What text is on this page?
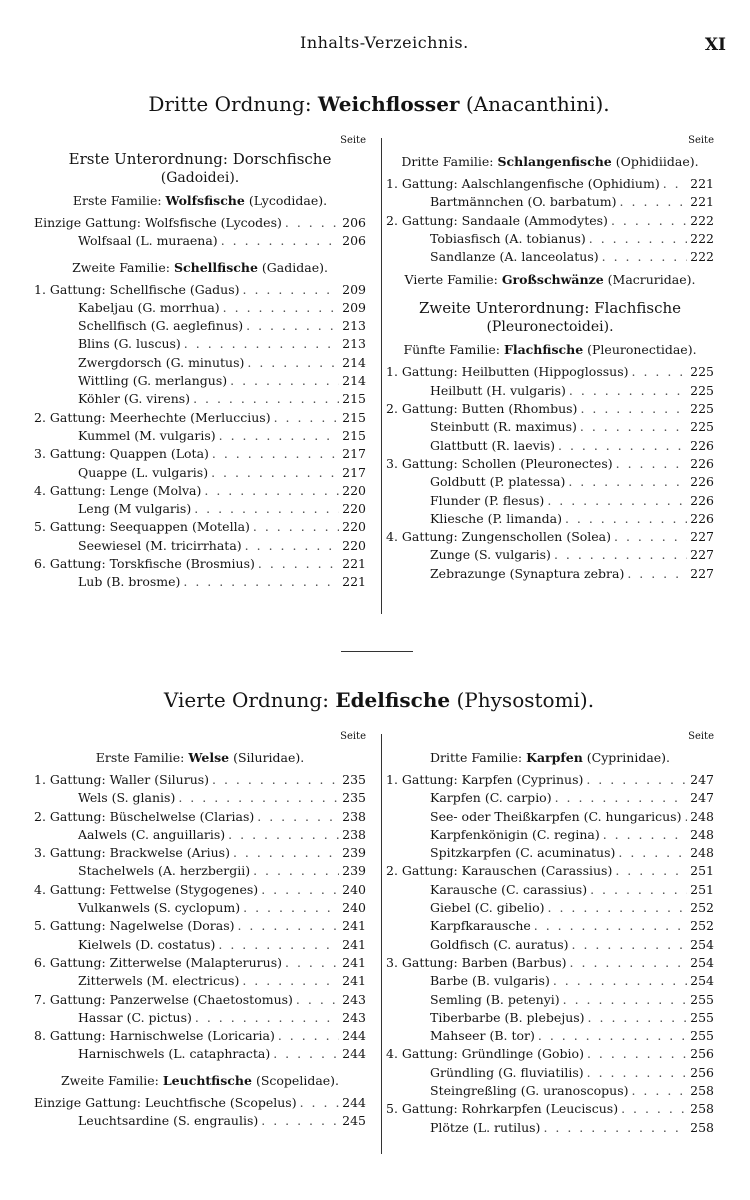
Inhalts-Verzeichnis.	XI
Dritte Ordnung: Weichflosser (Anacanthini).
Seite
Erste Unterordnung: Dorschfische
(Gadoidei).
Erste Familie: Wolfsfische (Lycodidae).
Einzige Gattung: Wolfsfische (Lycodes) . . .	206
Wolfsaal (L. muraena) . . .	206
Zweite Familie: Schellfische (Gadidae).
1. Gattung: Schellfische (Gadus) . . .	209
Kabeljau (G. morrhua) . . .	209
Schellfisch (G. aeglefinus) . . .	213
Blins (G. luscus) . . .	213
Zwergdorsch (G. minutus) . . .	214
Wittling (G. merlangus) . . .	214
Köhler (G. virens) . . .	215
2. Gattung: Meerhechte (Merluccius) . . .	215
Kummel (M. vulgaris) . . .	215
3. Gattung: Quappen (Lota) . . .	217
Quappe (L. vulgaris) . . .	217
4. Gattung: Lenge (Molva) . . .	220
Leng (M vulgaris) . . .	220
5. Gattung: Seequappen (Motella) . . .	220
Seewiesel (M. tricirrhata) . . .	220
6. Gattung: Torskfische (Brosmius) . . .	221
Lub (B. brosme) . . .	221
Seite
Dritte Familie: Schlangenfische (Ophidiidae).
1. Gattung: Aalschlangenfische (Ophidium) . . . 221
Bartmännchen (O. barbatum) . . .	221
2. Gattung: Sandaale (Ammodytes) . . .	222
Tobiasfisch (A. tobianus) . . .	222
Sandlanze (A. lanceolatus) . . .	222
Vierte Familie: Großschwänze (Macruridae).
Zweite Unterordnung: Flachfische
(Pleuronectoidei).
Fünfte Familie: Flachfische (Pleuronectidae).
1. Gattung: Heilbutten (Hippoglossus) . . .	225
Heilbutt (H. vulgaris) . . .	225
2. Gattung: Butten (Rhombus) . . .	225
Steinbutt (R. maximus) . . .	225
Glattbutt (R. laevis) . . .	226
3. Gattung: Schollen (Pleuronectes) . . .	226
Goldbutt (P. platessa) . . .	226
Flunder (P. flesus) . . .	226
Kliesche (P. limanda) . . .	226
4. Gattung: Zungenschollen (Solea) . . .	227
Zunge (S. vulgaris) . . .	227
Zebrazunge (Synaptura zebra) . . .	227
Vierte Ordnung: Edelfische (Physostomi).
Seite
Erste Familie: Welse (Siluridae).
1. Gattung: Waller (Silurus) . . .	235
Wels (S. glanis) . . .	235
2. Gattung: Büschelwelse (Clarias) . . .	238
Aalwels (C. anguillaris) . . .	238
3. Gattung: Brackwelse (Arius) . . .	239
Stachelwels (A. herzbergii) . . .	239
4. Gattung: Fettwelse (Stygogenes) . . .	240
Vulkanwels (S. cyclopum) . . .	240
5. Gattung: Nagelwelse (Doras) . . .	241
Kielwels (D. costatus) . . .	241
6. Gattung: Zitterwelse (Malapterurus) . . .	241
Zitterwels (M. electricus) . . .	241
7. Gattung: Panzerwelse (Chaetostomus) . . .	243
Hassar (C. pictus) . . .	243
8. Gattung: Harnischwelse (Loricaria) . . .	244
Harnischwels (L. cataphracta) . . .	244
Zweite Familie: Leuchtfische (Scopelidae).
Einzige Gattung: Leuchtfische (Scopelus) . . .	244
Leuchtsardine (S. engraulis) . . .	245
Seite
Dritte Familie: Karpfen (Cyprinidae).
1. Gattung: Karpfen (Cyprinus) . . .	247
Karpfen (C. carpio) . . .	247
See- oder Theißkarpfen (C. hungaricus) . . . 248
Karpfenkönigin (C. regina) . . .	248
Spitzkarpfen (C. acuminatus) . . .	248
2. Gattung: Karauschen (Carassius) . . .	251
Karausche (C. carassius) . . .	251
Giebel (C. gibelio) . . .	252
Karpfkarausche . . .	252
Goldfisch (C. auratus) . . .	254
3. Gattung: Barben (Barbus) . . .	254
Barbe (B. vulgaris) . . .	254
Semling (B. petenyi) . . .	255
Tiberbarbe (B. plebejus) . . .	255
Mahseer (B. tor) . . .	255
4. Gattung: Gründlinge (Gobio) . . .	256
Gründling (G. fluviatilis) . . .	256
Steingreßling (G. uranoscopus) . . .	258
5. Gattung: Rohrkarpfen (Leuciscus) . . .	258
Plötze (L. rutilus) . . .	258
